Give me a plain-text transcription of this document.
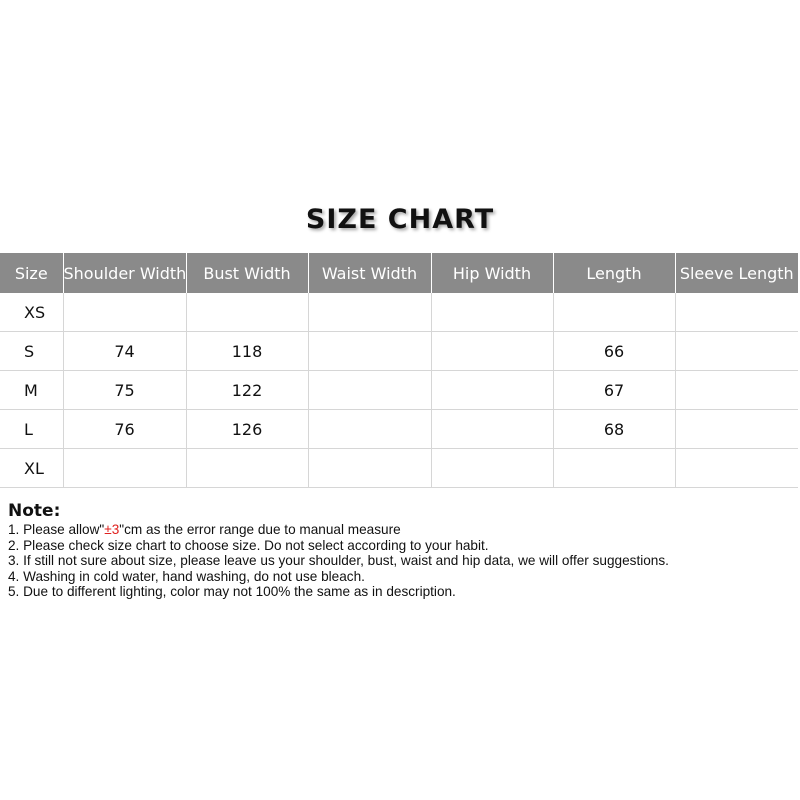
SIZE CHART
Size	Shoulder Width	Bust Width	Waist Width	Hip Width	Length	Sleeve Length
XS						
S	74	118			66	
M	75	122			67	
L	76	126			68	
XL						
Note:
1. Please allow"±3"cm as the error range due to manual measure
2. Please check size chart to choose size. Do not select according to your habit.
3. If still not sure about size, please leave us your shoulder, bust, waist and hip data, we will offer suggestions.
4. Washing in cold water, hand washing, do not use bleach.
5. Due to different lighting, color may not 100% the same as in description.
